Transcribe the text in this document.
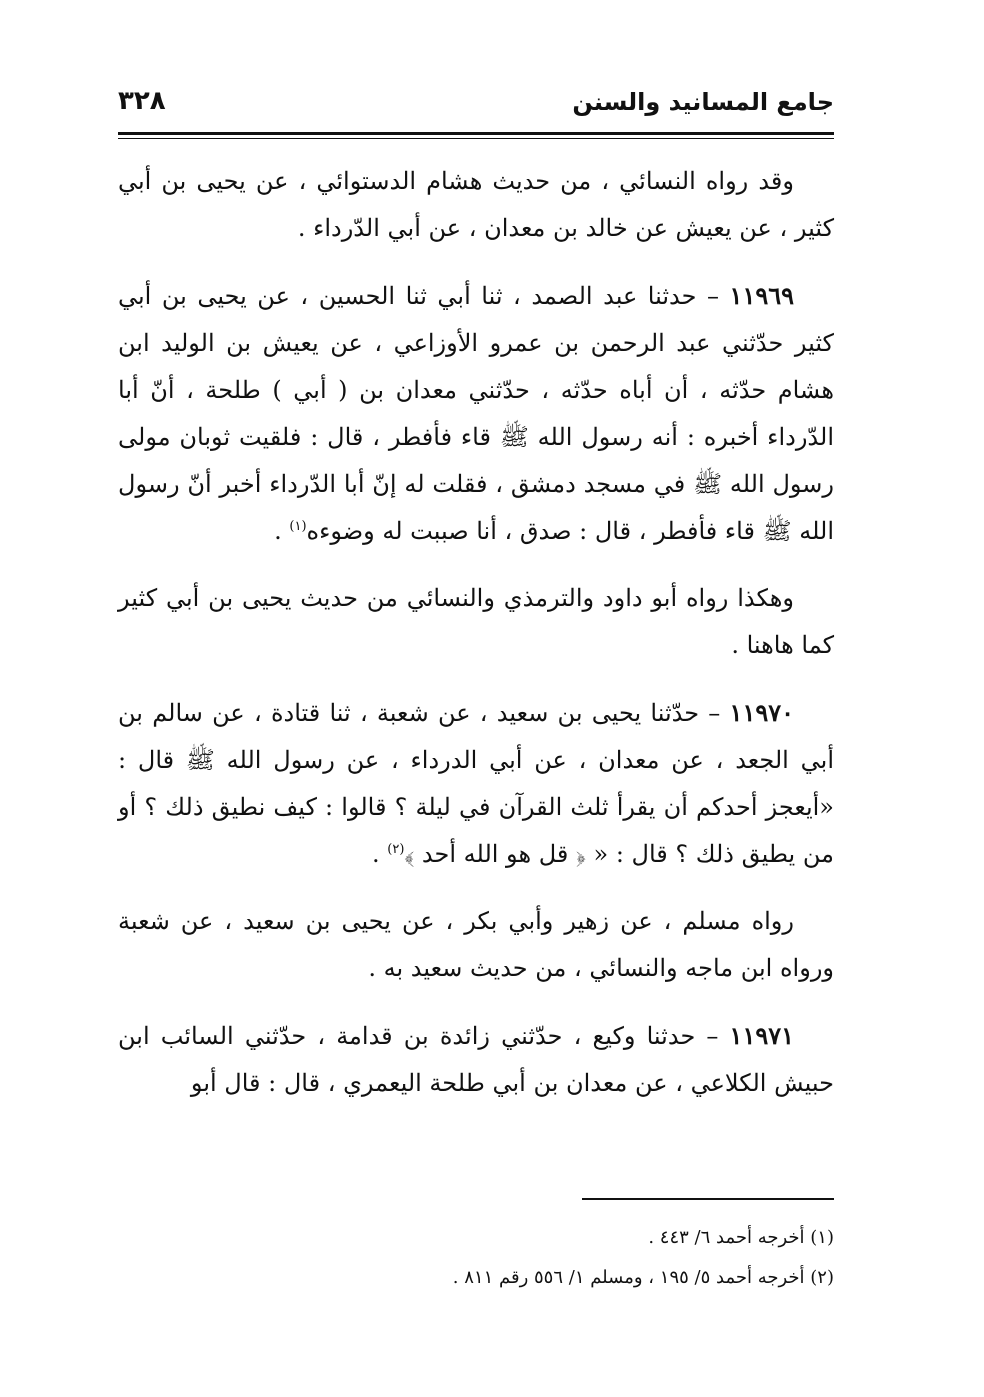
جامع المسانيد والسنن
٣٢٨

وقد رواه النسائي ، من حديث هشام الدستوائي ، عن يحيى بن أبي كثير ، عن يعيش عن خالد بن معدان ، عن أبي الدّرداء .

١١٩٦٩ – حدثنا عبد الصمد ، ثنا أبي ثنا الحسين ، عن يحيى بن أبي كثير حدّثني عبد الرحمن بن عمرو الأوزاعي ، عن يعيش بن الوليد ابن هشام حدّثه ، أن أباه حدّثه ، حدّثني معدان بن ( أبي ) طلحة ، أنّ أبا الدّرداء أخبره : أنه رسول الله ﷺ قاء فأفطر ، قال : فلقيت ثوبان مولى رسول الله ﷺ في مسجد دمشق ، فقلت له إنّ أبا الدّرداء أخبر أنّ رسول الله ﷺ قاء فأفطر ، قال : صدق ، أنا صببت له وضوءه$^{(١)}$ .

وهكذا رواه أبو داود والترمذي والنسائي من حديث يحيى بن أبي كثير كما هاهنا .

١١٩٧٠ – حدّثنا يحيى بن سعيد ، عن شعبة ، ثنا قتادة ، عن سالم بن أبي الجعد ، عن معدان ، عن أبي الدرداء ، عن رسول الله ﷺ قال : «أيعجز أحدكم أن يقرأ ثلث القرآن في ليلة ؟ قالوا : كيف نطيق ذلك ؟ أو من يطيق ذلك ؟ قال : « ﴿ قل هو الله أحد ﴾$^{(٢)}$ .

رواه مسلم ، عن زهير وأبي بكر ، عن يحيى بن سعيد ، عن شعبة ورواه ابن ماجه والنسائي ، من حديث سعيد به .

١١٩٧١ – حدثنا وكيع ، حدّثني زائدة بن قدامة ، حدّثني السائب ابن حبيش الكلاعي ، عن معدان بن أبي طلحة اليعمري ، قال : قال أبو

(١) أخرجه أحمد ٦/ ٤٤٣ .

(٢) أخرجه أحمد ٥/ ١٩٥ ، ومسلم ١/ ٥٥٦ رقم ٨١١ .
